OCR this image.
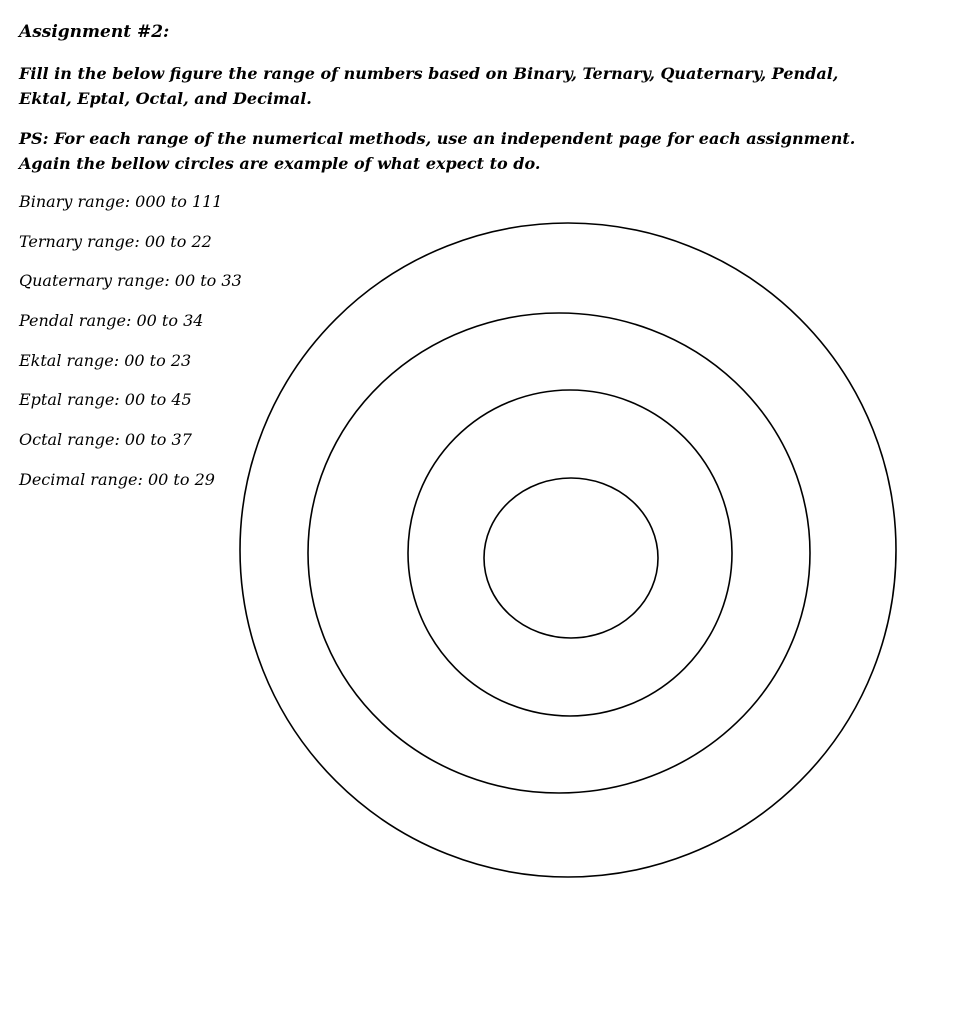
Assignment #2:
Fill in the below figure the range of numbers based on Binary, Ternary, Quaternary, Pendal,
Ektal, Eptal, Octal, and Decimal.
PS: For each range of the numerical methods, use an independent page for each assignment.
Again the bellow circles are example of what expect to do.
Binary range: 000 to 111
Ternary range: 00 to 22
Quaternary range: 00 to 33
Pendal range: 00 to 34
Ektal range: 00 to 23
Eptal range: 00 to 45
Octal range: 00 to 37
Decimal range: 00 to 29
